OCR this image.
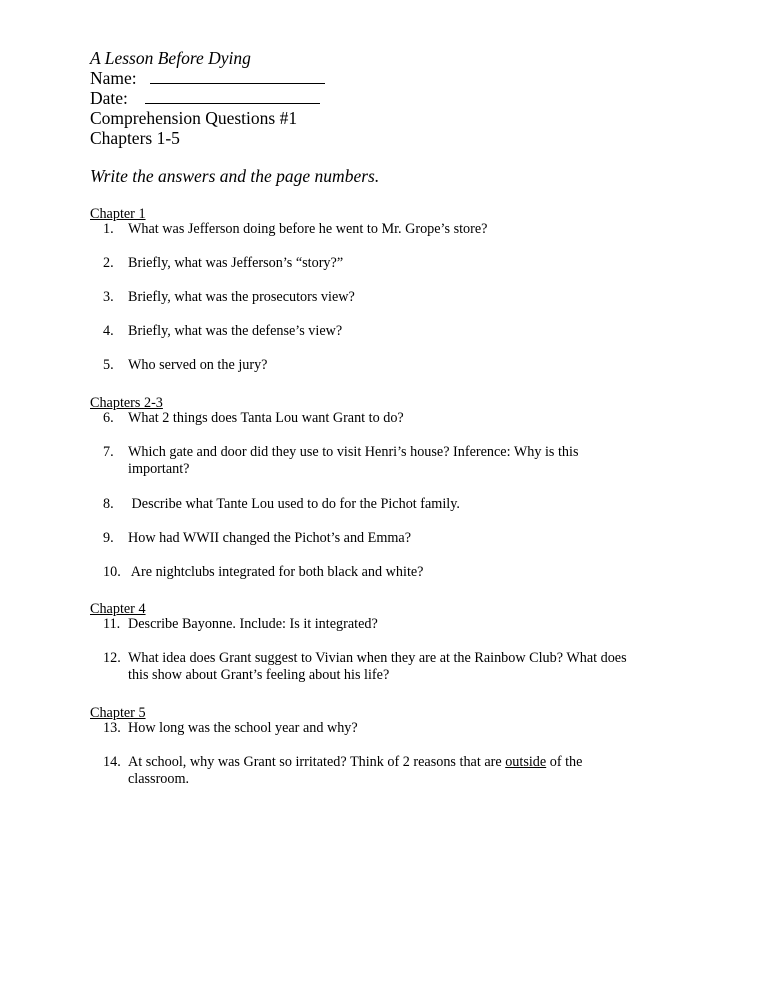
A Lesson Before Dying
Name:
Date:
Comprehension Questions #1
Chapters 1-5
Write the answers and the page numbers.
Chapter 1
1. What was Jefferson doing before he went to Mr. Grope’s store?
2. Briefly, what was Jefferson’s “story?”
3. Briefly, what was the prosecutors view?
4. Briefly, what was the defense’s view?
5. Who served on the jury?
Chapters 2-3
6. What 2 things does Tanta Lou want Grant to do?
7. Which gate and door did they use to visit Henri’s house? Inference: Why is this
important?
8. Describe what Tante Lou used to do for the Pichot family.
9. How had WWII changed the Pichot’s and Emma?
10. Are nightclubs integrated for both black and white?
Chapter 4
11. Describe Bayonne. Include: Is it integrated?
12. What idea does Grant suggest to Vivian when they are at the Rainbow Club? What does
this show about Grant’s feeling about his life?
Chapter 5
13. How long was the school year and why?
14. At school, why was Grant so irritated? Think of 2 reasons that are outside of the
classroom.
